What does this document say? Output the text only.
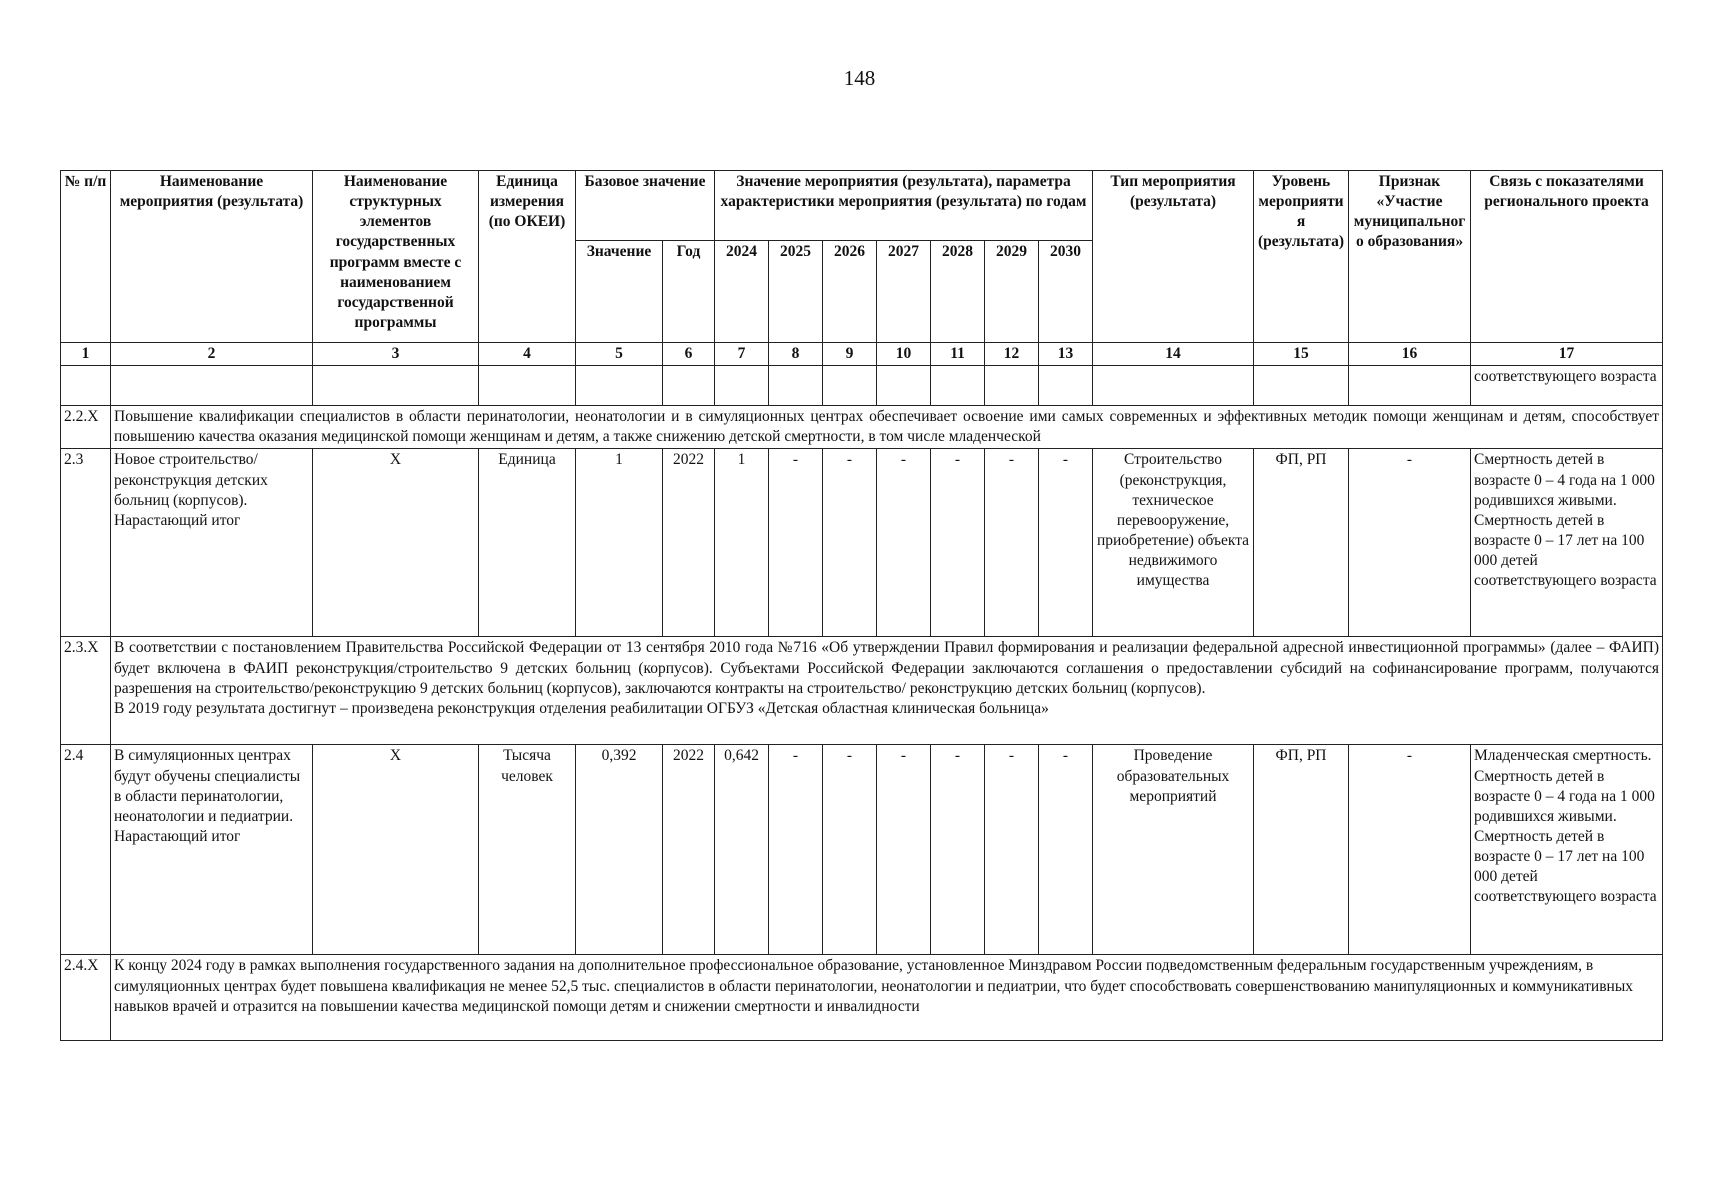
148
№ п/п	Наименование мероприятия (результата)	Наименование структурных элементов государственных программ вместе с наименованием государственной программы	Единица измерения (по ОКЕИ)	Базовое значение		Значение мероприятия (результата), параметра характеристики мероприятия (результата) по годам							Тип мероприятия (результата)	Уровень мероприятия (результата)	Признак «Участие муниципального образования»	Связь с показателями регионального проекта
				Значение	Год	2024	2025	2026	2027	2028	2029	2030				
1	2	3	4	5	6	7	8	9	10	11	12	13	14	15	16	17
																соответствующего возраста
2.2.X	Повышение квалификации специалистов в области перинатологии, неонатологии и в симуляционных центрах обеспечивает освоение ими самых современных и эффективных методик помощи женщинам и детям, способствует повышению качества оказания медицинской помощи женщинам и детям, а также снижению детской смертности, в том числе младенческой															
2.3	Новое строительство/ реконструкция детских больниц (корпусов). Нарастающий итог	X	Единица	1	2022	1	-	-	-	-	-	-	Строительство (реконструкция, техническое перевооружение, приобретение) объекта недвижимого имущества	ФП, РП	-	Смертность детей в возрасте 0 – 4 года на 1 000 родившихся живыми. Смертность детей в возрасте 0 – 17 лет на 100 000 детей соответствующего возраста
2.3.X	В соответствии с постановлением Правительства Российской Федерации от 13 сентября 2010 года №716 «Об утверждении Правил формирования и реализации федеральной адресной инвестиционной программы» (далее – ФАИП) будет включена в ФАИП реконструкция/строительство 9 детских больниц (корпусов). Субъектами Российской Федерации заключаются соглашения о предоставлении субсидий на софинансирование программ, получаются разрешения на строительство/реконструкцию 9 детских больниц (корпусов), заключаются контракты на строительство/ реконструкцию детских больниц (корпусов).
В 2019 году результата достигнут – произведена реконструкция отделения реабилитации ОГБУЗ «Детская областная клиническая больница»															

2.4	В симуляционных центрах будут обучены специалисты в области перинатологии, неонатологии и педиатрии. Нарастающий итог	X	Тысяча человек	0,392	2022	0,642	-	-	-	-	-	-	Проведение образовательных мероприятий	ФП, РП	-	Младенческая смертность. Смертность детей в возрасте 0 – 4 года на 1 000 родившихся живыми. Смертность детей в возрасте 0 – 17 лет на 100 000 детей соответствующего возраста
2.4.X	К концу 2024 году в рамках выполнения государственного задания на дополнительное профессиональное образование, установленное Минздравом России подведомственным федеральным государственным учреждениям, в симуляционных центрах будет повышена квалификация не менее 52,5 тыс. специалистов в области перинатологии, неонатологии и педиатрии, что будет способствовать совершенствованию манипуляционных и коммуникативных навыков врачей и отразится на повышении качества медицинской помощи детям и снижении смертности и инвалидности															
